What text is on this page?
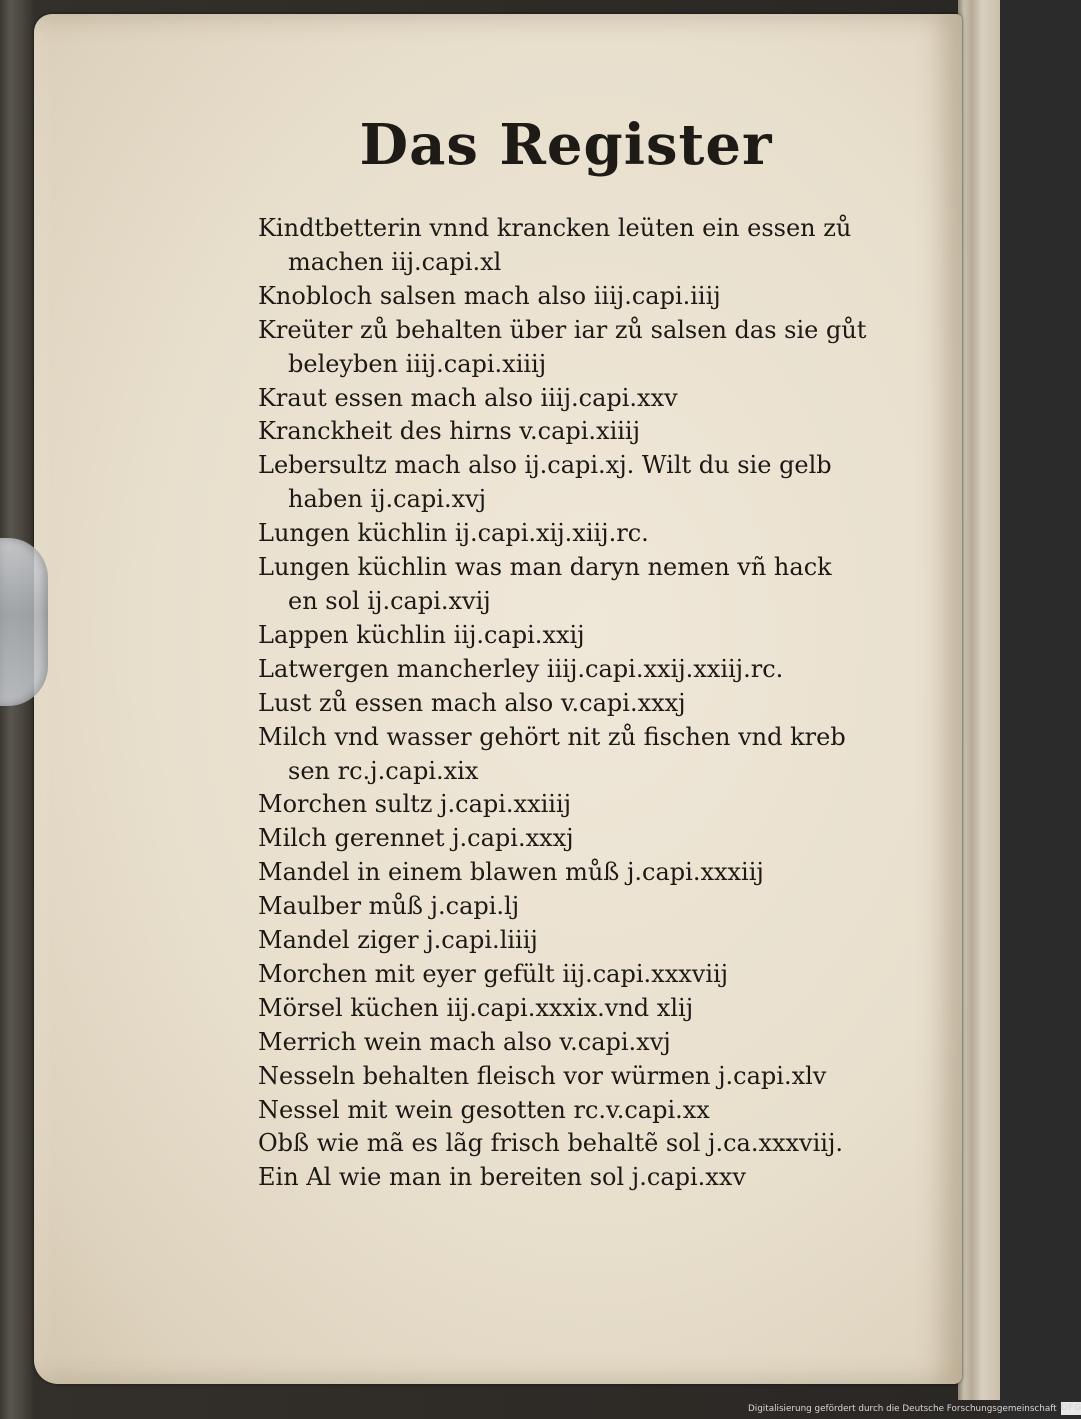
Das Register
Kindtbetterin vnnd krancken leüten ein essen zů
machen iij.capi.xl
Knobloch salsen mach also iiij.capi.iiij
Kreüter zů behalten über iar zů salsen das sie gůt
beleyben iiij.capi.xiiij
Kraut essen mach also iiij.capi.xxv
Kranckheit des hirns v.capi.xiiij
Lebersultz mach also ij.capi.xj. Wilt du sie gelb
haben ij.capi.xvj
Lungen küchlin ij.capi.xij.xiij.rc.
Lungen küchlin was man daryn nemen vñ hack
en sol ij.capi.xvij
Lappen küchlin iij.capi.xxij
Latwergen mancherley iiij.capi.xxij.xxiij.rc.
Lust zů essen mach also v.capi.xxxj
Milch vnd wasser gehört nit zů fischen vnd kreb
sen rc.j.capi.xix
Morchen sultz j.capi.xxiiij
Milch gerennet j.capi.xxxj
Mandel in einem blawen můß j.capi.xxxiij
Maulber můß j.capi.lj
Mandel ziger j.capi.liiij
Morchen mit eyer gefült iij.capi.xxxviij
Mörsel küchen iij.capi.xxxix.vnd xlij
Merrich wein mach also v.capi.xvj
Nesseln behalten fleisch vor würmen j.capi.xlv
Nessel mit wein gesotten rc.v.capi.xx
Obß wie mã es lãg frisch behaltẽ sol j.ca.xxxviij.
Ein Al wie man in bereiten sol j.capi.xxv
Digitalisierung gefördert durch die Deutsche Forschungsgemeinschaft DFG
